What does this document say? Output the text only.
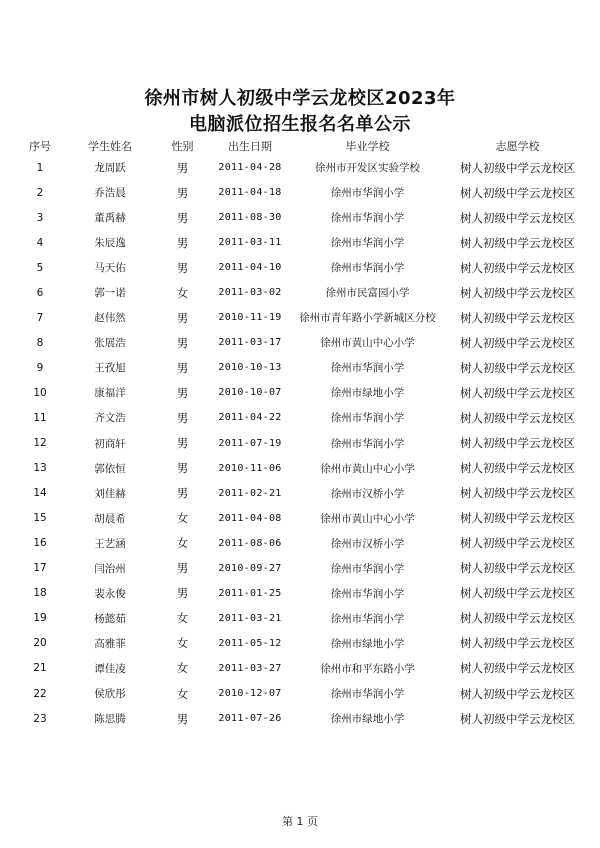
徐州市树人初级中学云龙校区2023年
电脑派位招生报名名单公示
序号	学生姓名	性别	出生日期	毕业学校	志愿学校
1	龙周跃	男	2011-04-28	徐州市开发区实验学校	树人初级中学云龙校区
2	乔浩晨	男	2011-04-18	徐州市华润小学	树人初级中学云龙校区
3	董禹赫	男	2011-08-30	徐州市华润小学	树人初级中学云龙校区
4	朱辰逸	男	2011-03-11	徐州市华润小学	树人初级中学云龙校区
5	马天佑	男	2011-04-10	徐州市华润小学	树人初级中学云龙校区
6	郭一诺	女	2011-03-02	徐州市民富园小学	树人初级中学云龙校区
7	赵伟然	男	2010-11-19	徐州市青年路小学新城区分校	树人初级中学云龙校区
8	张展浩	男	2011-03-17	徐州市黄山中心小学	树人初级中学云龙校区
9	王孜旭	男	2010-10-13	徐州市华润小学	树人初级中学云龙校区
10	康福洋	男	2010-10-07	徐州市绿地小学	树人初级中学云龙校区
11	齐文浩	男	2011-04-22	徐州市华润小学	树人初级中学云龙校区
12	初商轩	男	2011-07-19	徐州市华润小学	树人初级中学云龙校区
13	郭依恒	男	2010-11-06	徐州市黄山中心小学	树人初级中学云龙校区
14	刘佳赫	男	2011-02-21	徐州市汉桥小学	树人初级中学云龙校区
15	胡晨希	女	2011-04-08	徐州市黄山中心小学	树人初级中学云龙校区
16	王艺涵	女	2011-08-06	徐州市汉桥小学	树人初级中学云龙校区
17	闫治州	男	2010-09-27	徐州市华润小学	树人初级中学云龙校区
18	裴永俊	男	2011-01-25	徐州市华润小学	树人初级中学云龙校区
19	杨懿茹	女	2011-03-21	徐州市华润小学	树人初级中学云龙校区
20	高雅菲	女	2011-05-12	徐州市绿地小学	树人初级中学云龙校区
21	谭佳凌	女	2011-03-27	徐州市和平东路小学	树人初级中学云龙校区
22	侯欣彤	女	2010-12-07	徐州市华润小学	树人初级中学云龙校区
23	陈思腾	男	2011-07-26	徐州市绿地小学	树人初级中学云龙校区
第 1 页
